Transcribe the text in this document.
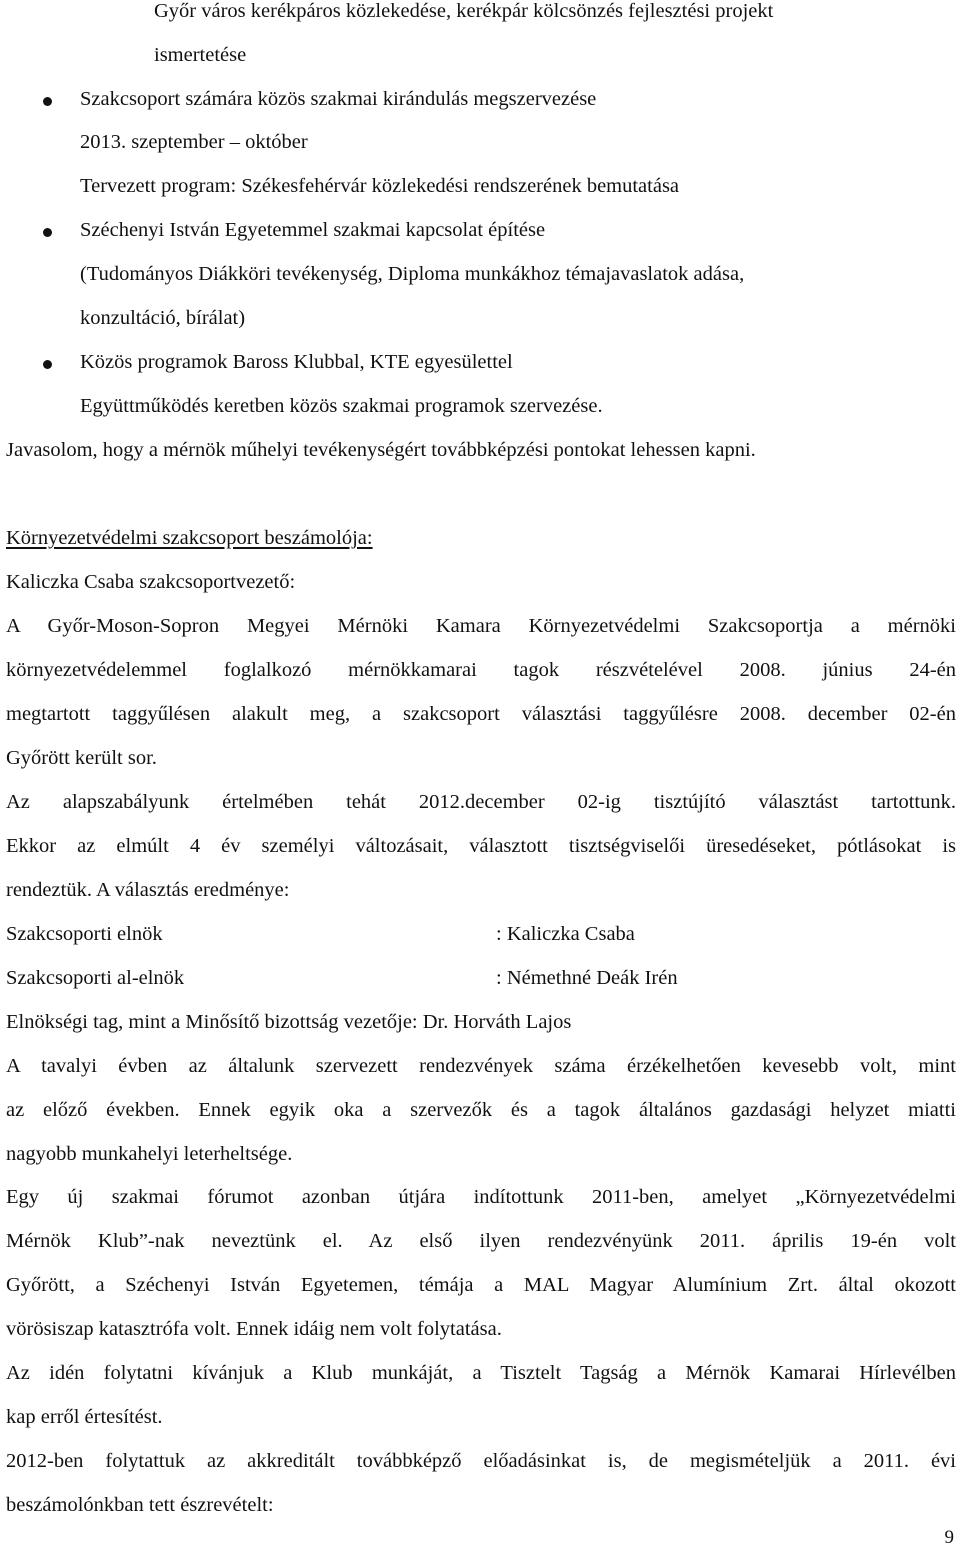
Győr város kerékpáros közlekedése, kerékpár kölcsönzés fejlesztési projekt
ismertetése
Szakcsoport számára közös szakmai kirándulás megszervezése
2013. szeptember – október
Tervezett program: Székesfehérvár közlekedési rendszerének bemutatása
Széchenyi István Egyetemmel szakmai kapcsolat építése
(Tudományos Diákköri tevékenység, Diploma munkákhoz témajavaslatok adása,
konzultáció, bírálat)
Közös programok Baross Klubbal, KTE egyesülettel
Együttműködés keretben közös szakmai programok szervezése.
Javasolom, hogy a mérnök műhelyi tevékenységért továbbképzési pontokat lehessen kapni.
Környezetvédelmi szakcsoport beszámolója:
Kaliczka Csaba szakcsoportvezető:
A Győr-Moson-Sopron Megyei Mérnöki Kamara Környezetvédelmi Szakcsoportja a mérnöki
környezetvédelemmel foglalkozó mérnökkamarai tagok részvételével 2008. június 24-én
megtartott taggyűlésen alakult meg, a szakcsoport választási taggyűlésre 2008. december 02-én
Győrött került sor.
Az alapszabályunk értelmében tehát 2012.december 02-ig tisztújító választást tartottunk.
Ekkor az elmúlt 4 év személyi változásait, választott tisztségviselői üresedéseket, pótlásokat is
rendeztük. A választás eredménye:
Szakcsoporti elnök	: Kaliczka Csaba
Szakcsoporti al-elnök	: Némethné Deák Irén
Elnökségi tag, mint a Minősítő bizottság vezetője: Dr. Horváth Lajos
A tavalyi évben az általunk szervezett rendezvények száma érzékelhetően kevesebb volt, mint
az előző években. Ennek egyik oka a szervezők és a tagok általános gazdasági helyzet miatti
nagyobb munkahelyi leterheltsége.
Egy új szakmai fórumot azonban útjára indítottunk 2011-ben, amelyet „Környezetvédelmi
Mérnök Klub”-nak neveztünk el. Az első ilyen rendezvényünk 2011. április 19-én volt
Győrött, a Széchenyi István Egyetemen, témája a MAL Magyar Alumínium Zrt. által okozott
vörösiszap katasztrófa volt. Ennek idáig nem volt folytatása.
Az idén folytatni kívánjuk a Klub munkáját, a Tisztelt Tagság a Mérnök Kamarai Hírlevélben
kap erről értesítést.
2012-ben folytattuk az akkreditált továbbképző előadásinkat is, de megismételjük a 2011. évi
beszámolónkban tett észrevételt:
9
